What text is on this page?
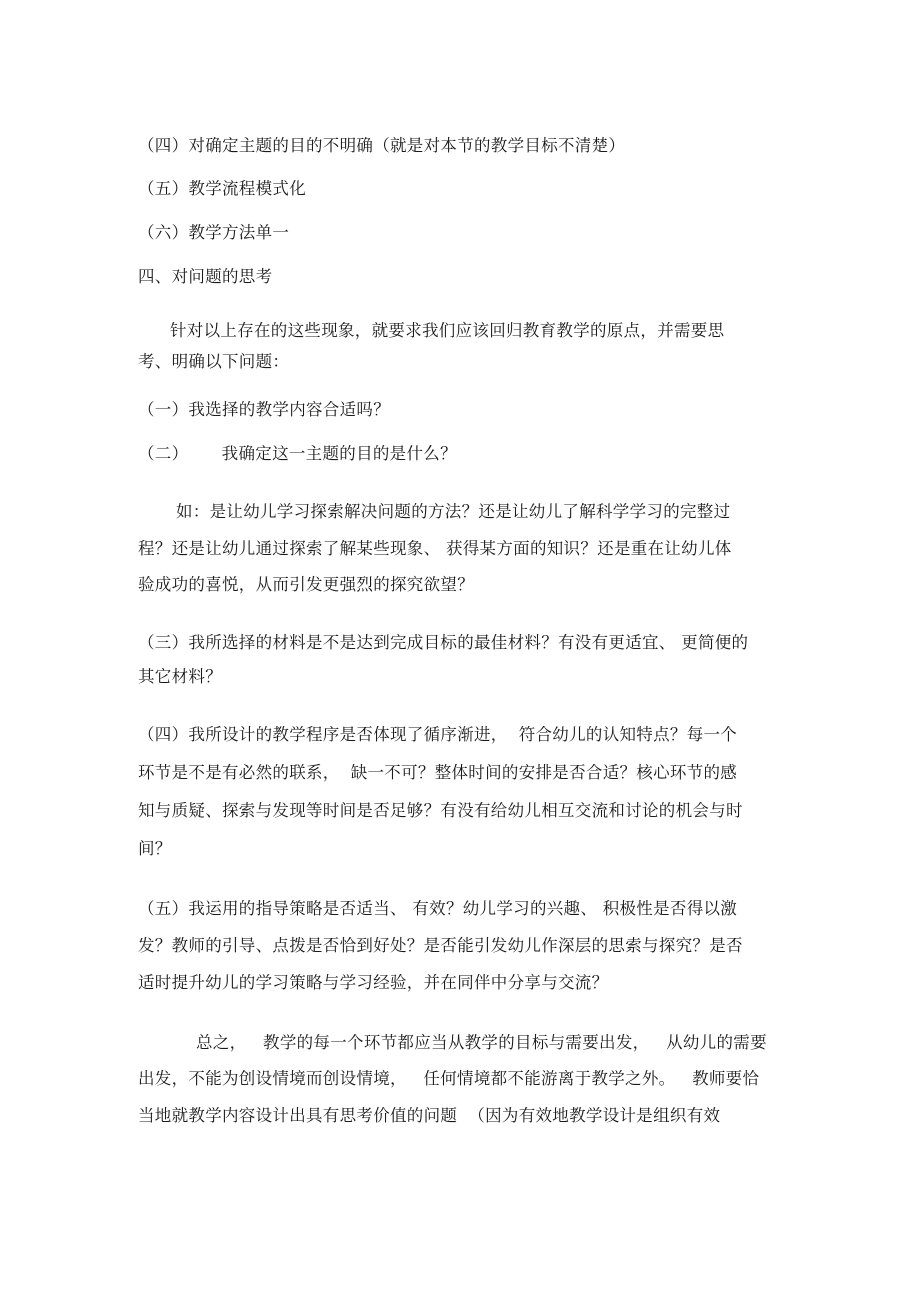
（四）对确定主题的目的不明确（就是对本节的教学目标不清楚）
（五）教学流程模式化
（六）教学方法单一
四、对问题的思考
针对以上存在的这些现象，就要求我们应该回归教育教学的原点，并需要思
考、明确以下问题：
（一）我选择的教学内容合适吗？
（二）      我确定这一主题的目的是什么？
如：是让幼儿学习探索解决问题的方法？还是让幼儿了解科学学习的完整过
程？还是让幼儿通过探索了解某些现象、 获得某方面的知识？还是重在让幼儿体
验成功的喜悦，从而引发更强烈的探究欲望？
（三）我所选择的材料是不是达到完成目标的最佳材料？有没有更适宜、 更简便的
其它材料？
（四）我所设计的教学程序是否体现了循序渐进，  符合幼儿的认知特点？每一个
环节是不是有必然的联系，  缺一不可？整体时间的安排是否合适？核心环节的感
知与质疑、探索与发现等时间是否足够？有没有给幼儿相互交流和讨论的机会与时
间？
（五）我运用的指导策略是否适当、 有效？幼儿学习的兴趣、 积极性是否得以激
发？教师的引导、点拨是否恰到好处？是否能引发幼儿作深层的思索与探究？是否
适时提升幼儿的学习策略与学习经验，并在同伴中分享与交流？
总之，   教学的每一个环节都应当从教学的目标与需要出发，   从幼儿的需要
出发，不能为创设情境而创设情境，   任何情境都不能游离于教学之外。   教师要恰
当地就教学内容设计出具有思考价值的问题  （因为有效地教学设计是组织有效
